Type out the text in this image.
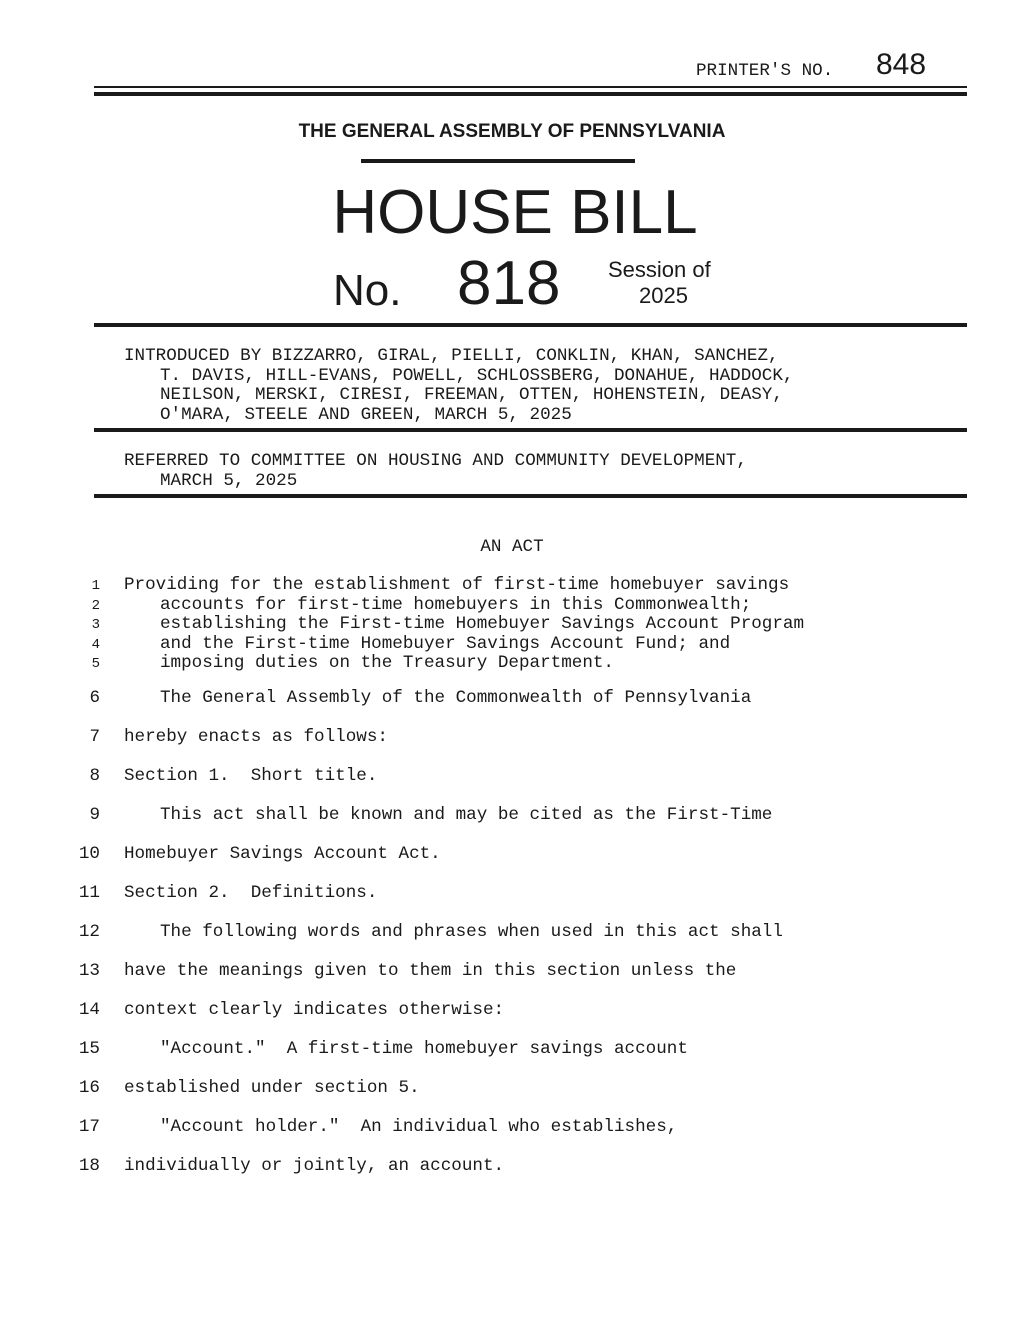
PRINTER'S NO. 848
THE GENERAL ASSEMBLY OF PENNSYLVANIA
HOUSE BILL
No. 818 Session of
2025
INTRODUCED BY BIZZARRO, GIRAL, PIELLI, CONKLIN, KHAN, SANCHEZ,
T. DAVIS, HILL-EVANS, POWELL, SCHLOSSBERG, DONAHUE, HADDOCK,
NEILSON, MERSKI, CIRESI, FREEMAN, OTTEN, HOHENSTEIN, DEASY,
O'MARA, STEELE AND GREEN, MARCH 5, 2025
REFERRED TO COMMITTEE ON HOUSING AND COMMUNITY DEVELOPMENT,
MARCH 5, 2025
AN ACT
1 Providing for the establishment of first-time homebuyer savings
2	accounts for first-time homebuyers in this Commonwealth;
3	establishing the First-time Homebuyer Savings Account Program
4	and the First-time Homebuyer Savings Account Fund; and
5	imposing duties on the Treasury Department.
6	The General Assembly of the Commonwealth of Pennsylvania
7 hereby enacts as follows:
8 Section 1.  Short title.
9	This act shall be known and may be cited as the First-Time
10 Homebuyer Savings Account Act.
11 Section 2.  Definitions.
12	The following words and phrases when used in this act shall
13 have the meanings given to them in this section unless the
14 context clearly indicates otherwise:
15	"Account."  A first-time homebuyer savings account
16 established under section 5.
17	"Account holder."  An individual who establishes,
18 individually or jointly, an account.
